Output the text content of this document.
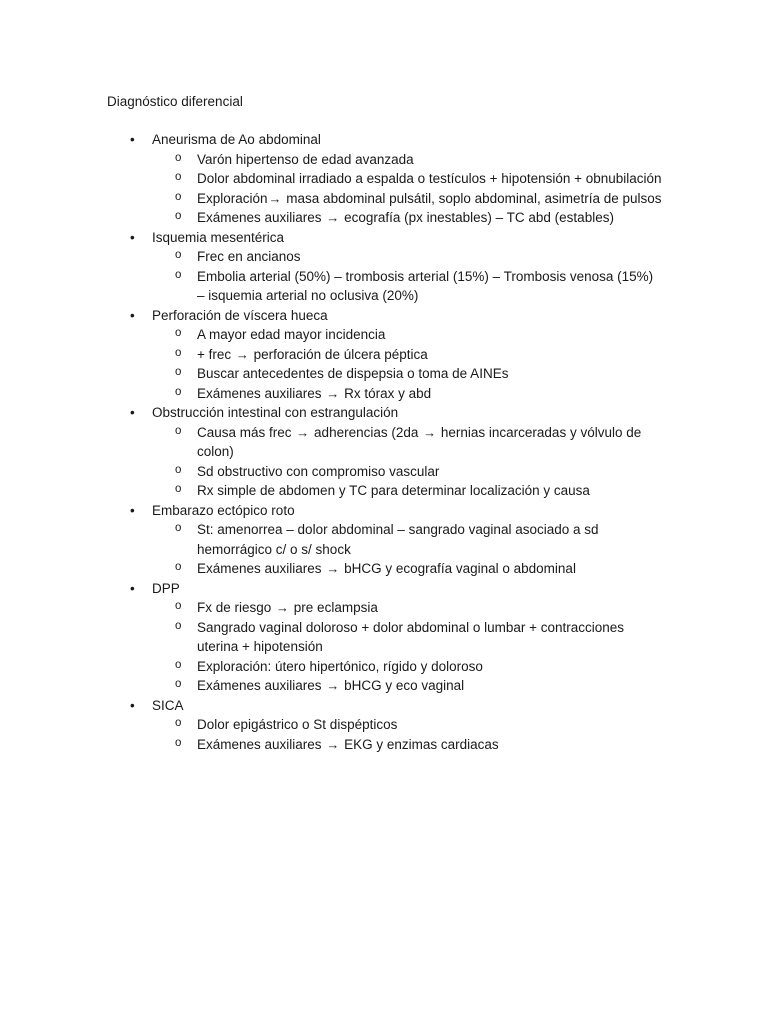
Diagnóstico diferencial
• Aneurisma de Ao abdominal
o Varón hipertenso de edad avanzada
o Dolor abdominal irradiado a espalda o testículos + hipotensión + obnubilación
o Exploración→ masa abdominal pulsátil, soplo abdominal, asimetría de pulsos
o Exámenes auxiliares → ecografía (px inestables) – TC abd (estables)
• Isquemia mesentérica
o Frec en ancianos
o Embolia arterial (50%) – trombosis arterial (15%) – Trombosis venosa (15%) – isquemia arterial no oclusiva (20%)
• Perforación de víscera hueca
o A mayor edad mayor incidencia
o + frec → perforación de úlcera péptica
o Buscar antecedentes de dispepsia o toma de AINEs
o Exámenes auxiliares → Rx tórax y abd
• Obstrucción intestinal con estrangulación
o Causa más frec → adherencias (2da → hernias incarceradas y vólvulo de colon)
o Sd obstructivo con compromiso vascular
o Rx simple de abdomen y TC para determinar localización y causa
• Embarazo ectópico roto
o St: amenorrea – dolor abdominal – sangrado vaginal asociado a sd hemorrágico c/ o s/ shock
o Exámenes auxiliares → bHCG y ecografía vaginal o abdominal
• DPP
o Fx de riesgo → pre eclampsia
o Sangrado vaginal doloroso + dolor abdominal o lumbar + contracciones uterina + hipotensión
o Exploración: útero hipertónico, rígido y doloroso
o Exámenes auxiliares → bHCG y eco vaginal
• SICA
o Dolor epigástrico o St dispépticos
o Exámenes auxiliares → EKG y enzimas cardiacas
